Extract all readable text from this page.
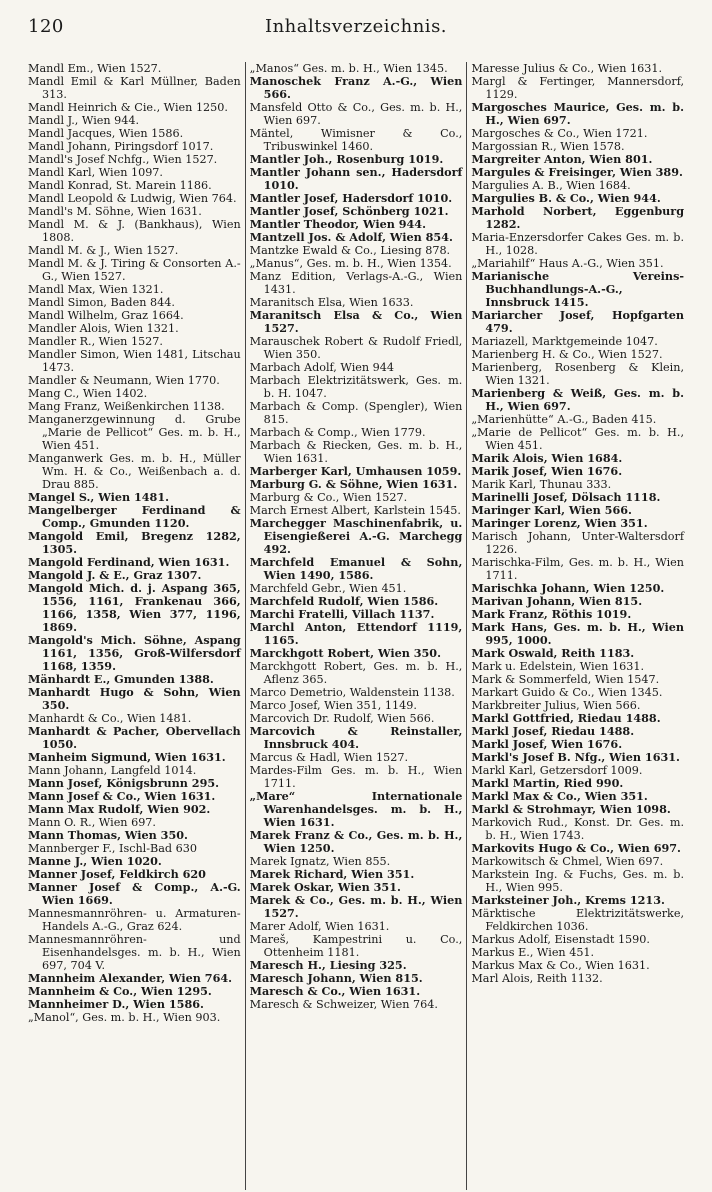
120	Inhaltsverzeichnis.

Mandl Em., Wien 1527.

Mandl Emil & Karl Müllner, Baden 313.

Mandl Heinrich & Cie., Wien 1250.

Mandl J., Wien 944.

Mandl Jacques, Wien 1586.

Mandl Johann, Piringsdorf 1017.

Mandl's Josef Nchfg., Wien 1527.

Mandl Karl, Wien 1097.

Mandl Konrad, St. Marein 1186.

Mandl Leopold & Ludwig, Wien 764.

Mandl's M. Söhne, Wien 1631.

Mandl M. & J. (Bankhaus), Wien 1808.

Mandl M. & J., Wien 1527.

Mandl M. & J. Tiring & Consorten A.-G., Wien 1527.

Mandl Max, Wien 1321.

Mandl Simon, Baden 844.

Mandl Wilhelm, Graz 1664.

Mandler Alois, Wien 1321.

Mandler R., Wien 1527.

Mandler Simon, Wien 1481, Litschau 1473.

Mandler & Neumann, Wien 1770.

Mang C., Wien 1402.

Mang Franz, Weißenkirchen 1138.

Manganerzgewinnung d. Grube „Marie de Pellicot“ Ges. m. b. H., Wien 451.

Manganwerk Ges. m. b. H., Müller Wm. H. & Co., Weißenbach a. d. Drau 885.

Mangel S., Wien 1481.

Mangelberger Ferdinand & Comp., Gmunden 1120.

Mangold Emil, Bregenz 1282, 1305.

Mangold Ferdinand, Wien 1631.

Mangold J. & E., Graz 1307.

Mangold Mich. d. j. Aspang 365, 1556, 1161, Frankenau 366, 1166, 1358, Wien 377, 1196, 1869.

Mangold's Mich. Söhne, Aspang 1161, 1356, Groß-Wilfersdorf 1168, 1359.

Mänhardt E., Gmunden 1388.

Manhardt Hugo & Sohn, Wien 350.

Manhardt & Co., Wien 1481.

Manhardt & Pacher, Obervellach 1050.

Manheim Sigmund, Wien 1631.

Mann Johann, Langfeld 1014.

Mann Josef, Königsbrunn 295.

Mann Josef & Co., Wien 1631.

Mann Max Rudolf, Wien 902.

Mann O. R., Wien 697.

Mann Thomas, Wien 350.

Mannberger F., Ischl-Bad 630

Manne J., Wien 1020.

Manner Josef, Feldkirch 620

Manner Josef & Comp., A.-G. Wien 1669.

Mannesmannröhren- u. Armaturen-Handels A.-G., Graz 624.

Mannesmannröhren- und Eisenhandelsges. m. b. H., Wien 697, 704 V.

Mannheim Alexander, Wien 764.

Mannheim & Co., Wien 1295.

Mannheimer D., Wien 1586.

„Manol“, Ges. m. b. H., Wien 903.

„Manos“ Ges. m. b. H., Wien 1345.

Manoschek Franz A.-G., Wien 566.

Mansfeld Otto & Co., Ges. m. b. H., Wien 697.

Mäntel, Wimisner & Co., Tribuswinkel 1460.

Mantler Joh., Rosenburg 1019.

Mantler Johann sen., Hadersdorf 1010.

Mantler Josef, Hadersdorf 1010.

Mantler Josef, Schönberg 1021.

Mantler Theodor, Wien 944.

Mantzell Jos. & Adolf, Wien 854.

Mantzke Ewald & Co., Liesing 878.

„Manus“, Ges. m. b. H., Wien 1354.

Manz Edition, Verlags-A.-G., Wien 1431.

Maranitsch Elsa, Wien 1633.

Maranitsch Elsa & Co., Wien 1527.

Marauschek Robert & Rudolf Friedl, Wien 350.

Marbach Adolf, Wien 944

Marbach Elektrizitätswerk, Ges. m. b. H. 1047.

Marbach & Comp. (Spengler), Wien 815.

Marbach & Comp., Wien 1779.

Marbach & Riecken, Ges. m. b. H., Wien 1631.

Marberger Karl, Umhausen 1059.

Marburg G. & Söhne, Wien 1631.

Marburg & Co., Wien 1527.

March Ernest Albert, Karlstein 1545.

Marchegger Maschinenfabrik, u. Eisengießerei A.-G. Marchegg 492.

Marchfeld Emanuel & Sohn, Wien 1490, 1586.

Marchfeld Gebr., Wien 451.

Marchfeld Rudolf, Wien 1586.

Marchi Fratelli, Villach 1137.

Marchl Anton, Ettendorf 1119, 1165.

Marckhgott Robert, Wien 350.

Marckhgott Robert, Ges. m. b. H., Aflenz 365.

Marco Demetrio, Waldenstein 1138.

Marco Josef, Wien 351, 1149.

Marcovich Dr. Rudolf, Wien 566.

Marcovich & Reinstaller, Innsbruck 404.

Marcus & Hadl, Wien 1527.

Mardes-Film Ges. m. b. H., Wien 1711.

„Mare“ Internationale Warenhandelsges. m. b. H., Wien 1631.

Marek Franz & Co., Ges. m. b. H., Wien 1250.

Marek Ignatz, Wien 855.

Marek Richard, Wien 351.

Marek Oskar, Wien 351.

Marek & Co., Ges. m. b. H., Wien 1527.

Marer Adolf, Wien 1631.

Mareš, Kampestrini u. Co., Ottenheim 1181.

Maresch H., Liesing 325.

Maresch Johann, Wien 815.

Maresch & Co., Wien 1631.

Maresch & Schweizer, Wien 764.

Maresse Julius & Co., Wien 1631.

Margl & Fertinger, Mannersdorf, 1129.

Margosches Maurice, Ges. m. b. H., Wien 697.

Margosches & Co., Wien 1721.

Margossian R., Wien 1578.

Margreiter Anton, Wien 801.

Margules & Freisinger, Wien 389.

Margulies A. B., Wien 1684.

Margulies B. & Co., Wien 944.

Marhold Norbert, Eggenburg 1282.

Maria-Enzersdorfer Cakes Ges. m. b. H., 1028.

„Mariahilf“ Haus A.-G., Wien 351.

Marianische Vereins-Buchhandlungs-A.-G., Innsbruck 1415.

Mariarcher Josef, Hopfgarten 479.

Mariazell, Marktgemeinde 1047.

Marienberg H. & Co., Wien 1527.

Marienberg, Rosenberg & Klein, Wien 1321.

Marienberg & Weiß, Ges. m. b. H., Wien 697.

„Marienhütte“ A.-G., Baden 415.

„Marie de Pellicot“ Ges. m. b. H., Wien 451.

Marik Alois, Wien 1684.

Marik Josef, Wien 1676.

Marik Karl, Thunau 333.

Marinelli Josef, Dölsach 1118.

Maringer Karl, Wien 566.

Maringer Lorenz, Wien 351.

Marisch Johann, Unter-Waltersdorf 1226.

Marischka-Film, Ges. m. b. H., Wien 1711.

Marischka Johann, Wien 1250.

Marivan Johann, Wien 815.

Mark Franz, Röthis 1019.

Mark Hans, Ges. m. b. H., Wien 995, 1000.

Mark Oswald, Reith 1183.

Mark u. Edelstein, Wien 1631.

Mark & Sommerfeld, Wien 1547.

Markart Guido & Co., Wien 1345.

Markbreiter Julius, Wien 566.

Markl Gottfried, Riedau 1488.

Markl Josef, Riedau 1488.

Markl Josef, Wien 1676.

Markl's Josef B. Nfg., Wien 1631.

Markl Karl, Getzersdorf 1009.

Markl Martin, Ried 990.

Markl Max & Co., Wien 351.

Markl & Strohmayr, Wien 1098.

Markovich Rud., Konst. Dr. Ges. m. b. H., Wien 1743.

Markovits Hugo & Co., Wien 697.

Markowitsch & Chmel, Wien 697.

Markstein Ing. & Fuchs, Ges. m. b. H., Wien 995.

Marksteiner Joh., Krems 1213.

Märktische Elektrizitätswerke, Feldkirchen 1036.

Markus Adolf, Eisenstadt 1590.

Markus E., Wien 451.

Markus Max & Co., Wien 1631.

Marl Alois, Reith 1132.
